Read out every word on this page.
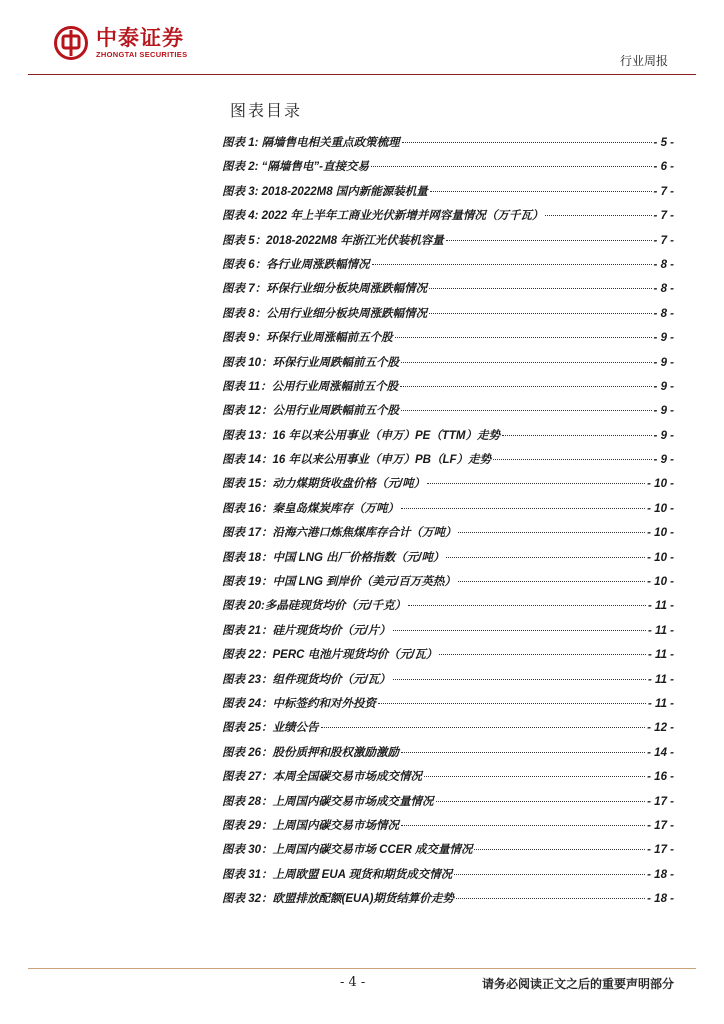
中泰证券
ZHONGTAI SECURITIES	行业周报
图表目录
图表 1: 隔墙售电相关重点政策梳理	- 5 -
图表 2: “隔墙售电”-直接交易	- 6 -
图表 3: 2018-2022M8 国内新能源装机量	- 7 -
图表 4: 2022 年上半年工商业光伏新增并网容量情况（万千瓦）	- 7 -
图表 5：2018-2022M8 年浙江光伏装机容量	- 7 -
图表 6：各行业周涨跌幅情况	- 8 -
图表 7：环保行业细分板块周涨跌幅情况	- 8 -
图表 8：公用行业细分板块周涨跌幅情况	- 8 -
图表 9：环保行业周涨幅前五个股	- 9 -
图表 10：环保行业周跌幅前五个股	- 9 -
图表 11：公用行业周涨幅前五个股	- 9 -
图表 12：公用行业周跌幅前五个股	- 9 -
图表 13：16 年以来公用事业（申万）PE（TTM）走势	- 9 -
图表 14：16 年以来公用事业（申万）PB（LF）走势	- 9 -
图表 15：动力煤期货收盘价格（元/吨）	- 10 -
图表 16：秦皇岛煤炭库存（万吨）	- 10 -
图表 17：沿海六港口炼焦煤库存合计（万吨）	- 10 -
图表 18：中国 LNG 出厂价格指数（元/吨）	- 10 -
图表 19：中国 LNG 到岸价（美元/百万英热）	- 10 -
图表 20:多晶硅现货均价（元/千克）	- 11 -
图表 21：硅片现货均价（元/片）	- 11 -
图表 22：PERC 电池片现货均价（元/瓦）	- 11 -
图表 23：组件现货均价（元/瓦）	- 11 -
图表 24：中标签约和对外投资	- 11 -
图表 25：业绩公告	- 12 -
图表 26：股份质押和股权激励激励	- 14 -
图表 27：本周全国碳交易市场成交情况	- 16 -
图表 28：上周国内碳交易市场成交量情况	- 17 -
图表 29：上周国内碳交易市场情况	- 17 -
图表 30：上周国内碳交易市场 CCER 成交量情况	- 17 -
图表 31：上周欧盟 EUA 现货和期货成交情况	- 18 -
图表 32：欧盟排放配额(EUA)期货结算价走势	- 18 -
- 4 -	请务必阅读正文之后的重要声明部分
